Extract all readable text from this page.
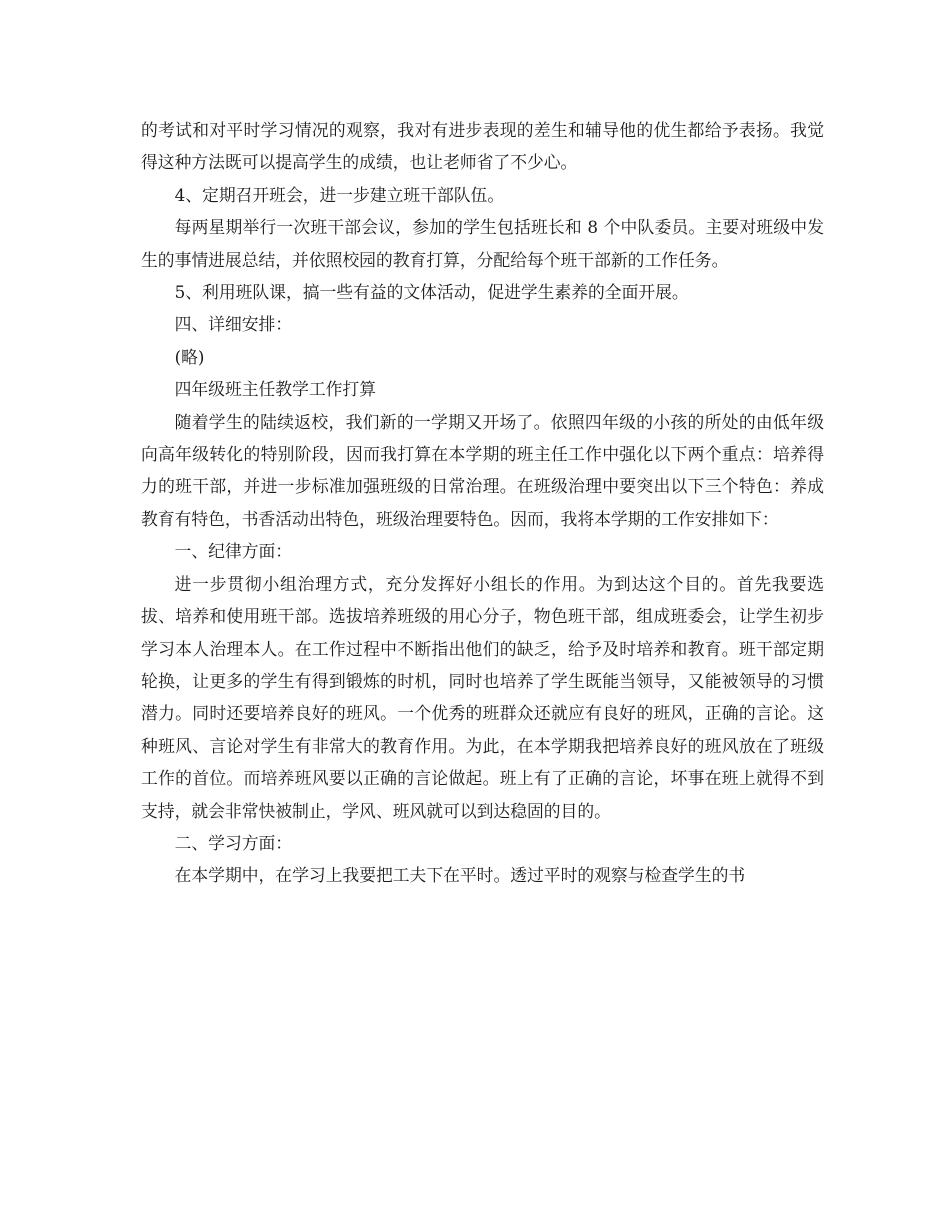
的考试和对平时学习情况的观察，我对有进步表现的差生和辅导他的优生都给予表扬。我觉得这种方法既可以提高学生的成绩，也让老师省了不少心。

4、定期召开班会，进一步建立班干部队伍。

每两星期举行一次班干部会议，参加的学生包括班长和 8 个中队委员。主要对班级中发生的事情进展总结，并依照校园的教育打算，分配给每个班干部新的工作任务。

5、利用班队课，搞一些有益的文体活动，促进学生素养的全面开展。

四、详细安排：

(略)

四年级班主任教学工作打算

随着学生的陆续返校，我们新的一学期又开场了。依照四年级的小孩的所处的由低年级向高年级转化的特别阶段，因而我打算在本学期的班主任工作中强化以下两个重点：培养得力的班干部，并进一步标准加强班级的日常治理。在班级治理中要突出以下三个特色：养成教育有特色，书香活动出特色，班级治理要特色。因而，我将本学期的工作安排如下：

一、纪律方面：

进一步贯彻小组治理方式，充分发挥好小组长的作用。为到达这个目的。首先我要选拔、培养和使用班干部。选拔培养班级的用心分子，物色班干部，组成班委会，让学生初步学习本人治理本人。在工作过程中不断指出他们的缺乏，给予及时培养和教育。班干部定期轮换，让更多的学生有得到锻炼的时机，同时也培养了学生既能当领导，又能被领导的习惯潜力。同时还要培养良好的班风。一个优秀的班群众还就应有良好的班风，正确的言论。这种班风、言论对学生有非常大的教育作用。为此，在本学期我把培养良好的班风放在了班级工作的首位。而培养班风要以正确的言论做起。班上有了正确的言论，坏事在班上就得不到支持，就会非常快被制止，学风、班风就可以到达稳固的目的。

二、学习方面：

在本学期中，在学习上我要把工夫下在平时。透过平时的观察与检查学生的书
